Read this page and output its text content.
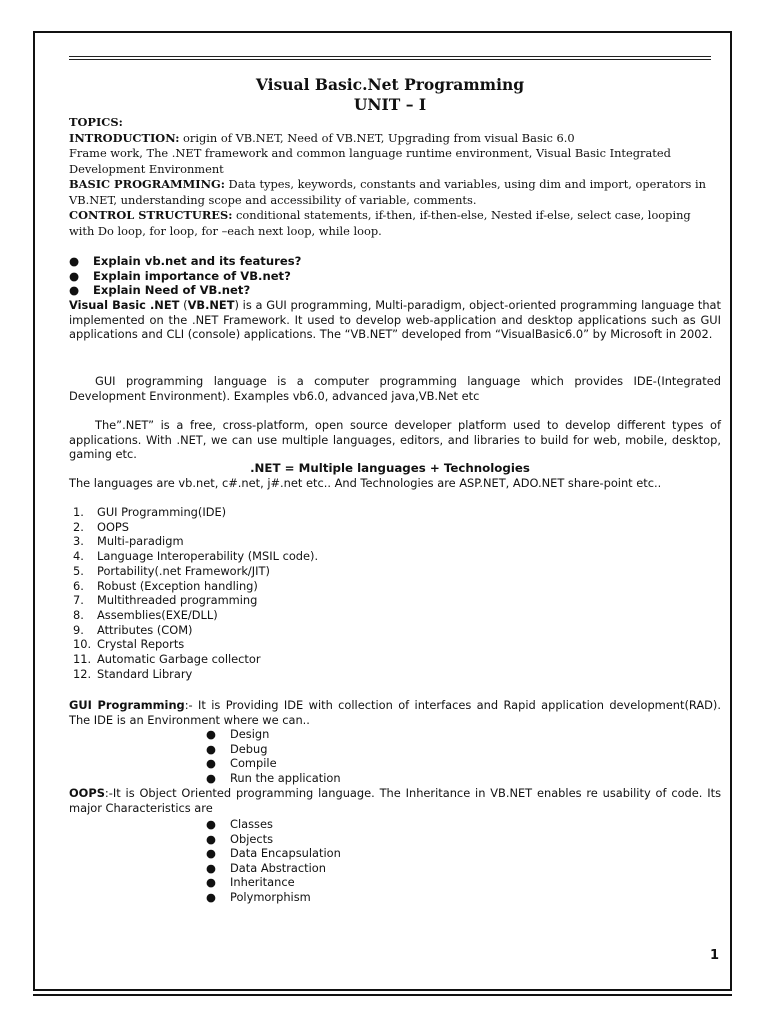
Visual Basic.Net Programming
UNIT – I
TOPICS:
INTRODUCTION: origin of VB.NET, Need of VB.NET, Upgrading from visual Basic 6.0
Frame work, The .NET framework and common language runtime environment, Visual Basic Integrated Development Environment
BASIC PROGRAMMING: Data types, keywords, constants and variables, using dim and import, operators in VB.NET, understanding scope and accessibility of variable, comments.
CONTROL STRUCTURES: conditional statements, if-then, if-then-else, Nested if-else, select case, looping with Do loop, for loop, for –each next loop, while loop.
● Explain vb.net and its features?
● Explain importance of VB.net?
● Explain Need of VB.net?
Visual Basic .NET (VB.NET) is a GUI programming, Multi-paradigm, object-oriented programming language that implemented on the .NET Framework. It used to develop web-application and desktop applications such as GUI applications and CLI (console) applications. The “VB.NET” developed from “VisualBasic6.0” by Microsoft in 2002.
GUI programming language is a computer programming language which provides IDE-(Integrated Development Environment). Examples vb6.0, advanced java,VB.Net etc
The”.NET” is a free, cross-platform, open source developer platform used to develop different types of applications. With .NET, we can use multiple languages, editors, and libraries to build for web, mobile, desktop, gaming etc.
.NET = Multiple languages + Technologies
The languages are vb.net, c#.net, j#.net etc.. And Technologies are ASP.NET, ADO.NET share-point etc..
1. GUI Programming(IDE)
2. OOPS
3. Multi-paradigm
4. Language Interoperability (MSIL code).
5. Portability(.net Framework/JIT)
6. Robust (Exception handling)
7. Multithreaded programming
8. Assemblies(EXE/DLL)
9. Attributes (COM)
10. Crystal Reports
11. Automatic Garbage collector
12. Standard Library
GUI Programming:- It is Providing IDE with collection of interfaces and Rapid application development(RAD). The IDE is an Environment where we can..
● Design
● Debug
● Compile
● Run the application
OOPS:-It is Object Oriented programming language. The Inheritance in VB.NET enables re usability of code. Its major Characteristics are
● Classes
● Objects
● Data Encapsulation
● Data Abstraction
● Inheritance
● Polymorphism
1
